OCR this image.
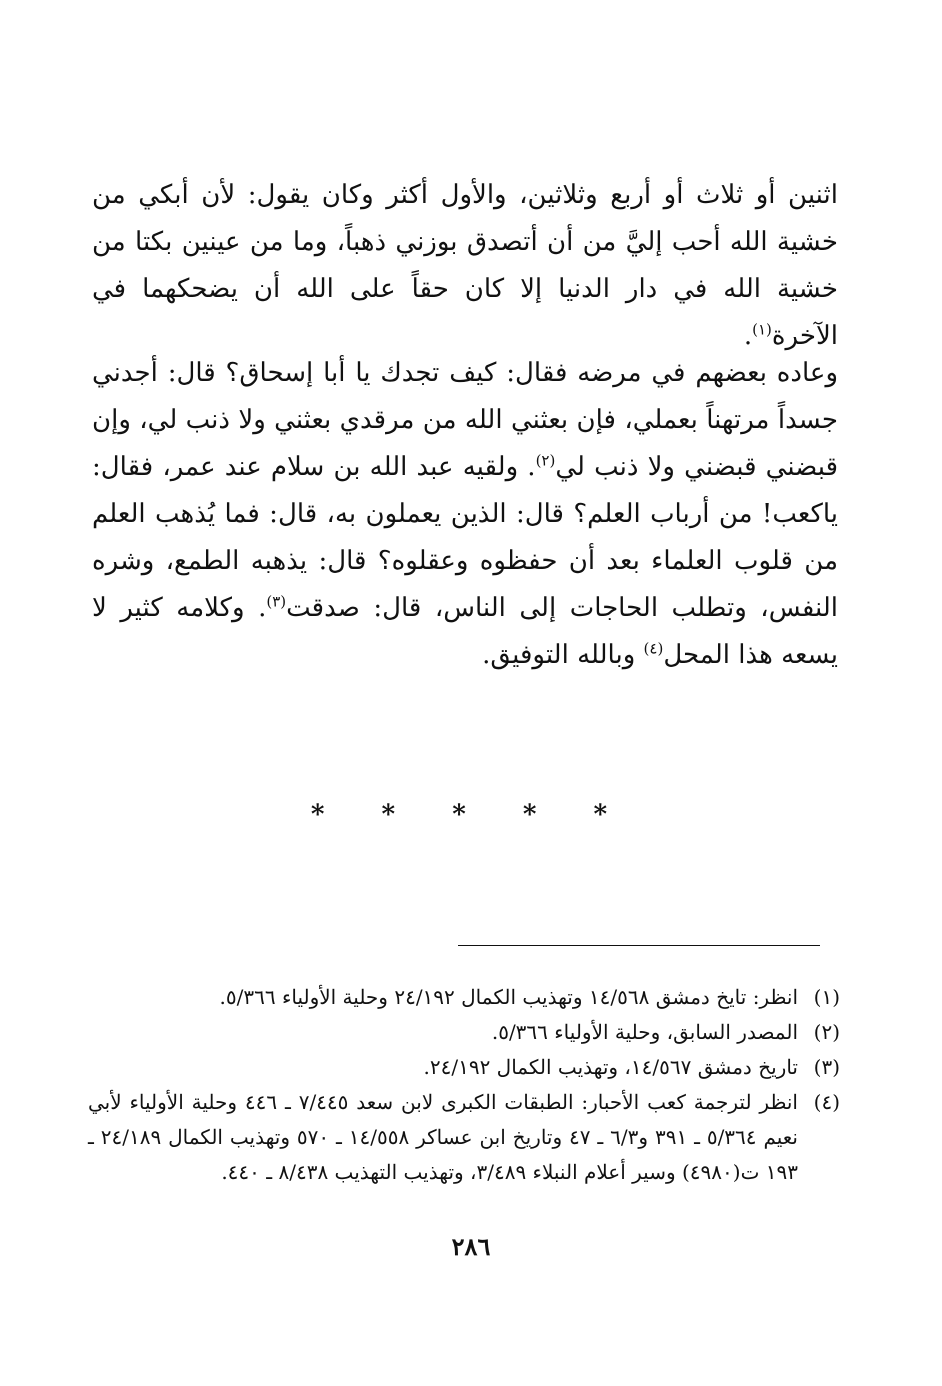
اثنين أو ثلاث أو أربع وثلاثين، والأول أكثر وكان يقول: لأن أبكي من خشية الله أحب إليَّ من أن أتصدق بوزني ذهباً، وما من عينين بكتا من خشية الله في دار الدنيا إلا كان حقاً على الله أن يضحكهما في الآخرة$^{(١)}$.

وعاده بعضهم في مرضه فقال: كيف تجدك يا أبا إسحاق؟ قال: أجدني جسداً مرتهناً بعملي، فإن بعثني الله من مرقدي بعثني ولا ذنب لي، وإن قبضني قبضني ولا ذنب لي$^{(٢)}$. ولقيه عبد الله بن سلام عند عمر، فقال: ياكعب! من أرباب العلم؟ قال: الذين يعملون به، قال: فما يُذهب العلم من قلوب العلماء بعد أن حفظوه وعقلوه؟ قال: يذهبه الطمع، وشره النفس، وتطلب الحاجات إلى الناس، قال: صدقت$^{(٣)}$. وكلامه كثير لا يسعه هذا المحل$^{(٤)}$ وبالله التوفيق.

* * * * *
(١)
انظر: تايخ دمشق ١٤/٥٦٨ وتهذيب الكمال ٢٤/١٩٢ وحلية الأولياء ٥/٣٦٦.
(٢)
المصدر السابق، وحلية الأولياء ٥/٣٦٦.
(٣)
تاريخ دمشق ١٤/٥٦٧، وتهذيب الكمال ٢٤/١٩٢.
(٤)
انظر لترجمة كعب الأحبار: الطبقات الكبرى لابن سعد ٧/٤٤٥ ـ ٤٤٦ وحلية الأولياء لأبي نعيم ٥/٣٦٤ ـ ٣٩١ و٦/٣ ـ ٤٧ وتاريخ ابن عساكر ١٤/٥٥٨ ـ ٥٧٠ وتهذيب الكمال ٢٤/١٨٩ ـ ١٩٣ ت(٤٩٨٠) وسير أعلام النبلاء ٣/٤٨٩، وتهذيب التهذيب ٨/٤٣٨ ـ ٤٤٠.
٢٨٦
